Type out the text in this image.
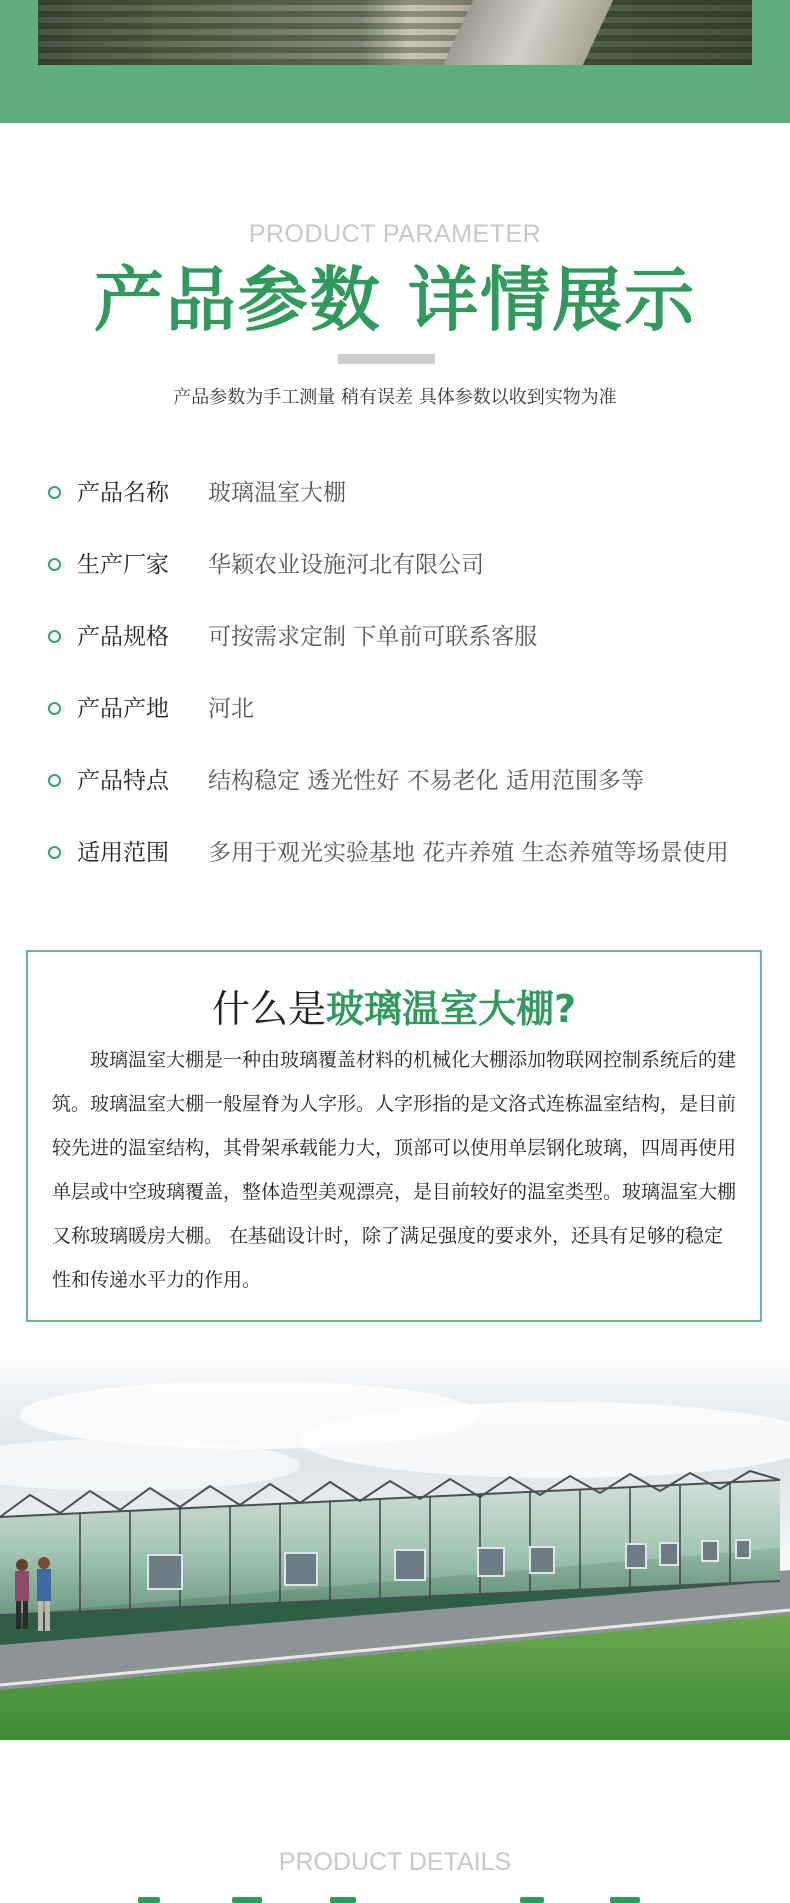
PRODUCT PARAMETER
产品参数 详情展示
产品参数为手工测量 稍有误差 具体参数以收到实物为准
产品名称 玻璃温室大棚
生产厂家 华颖农业设施河北有限公司
产品规格 可按需求定制 下单前可联系客服
产品产地 河北
产品特点 结构稳定 透光性好 不易老化 适用范围多等
适用范围 多用于观光实验基地 花卉养殖 生态养殖等场景使用
什么是玻璃温室大棚?
玻璃温室大棚是一种由玻璃覆盖材料的机械化大棚添加物联网控制系统后的建筑。玻璃温室大棚一般屋脊为人字形。人字形指的是文洛式连栋温室结构，是目前较先进的温室结构，其骨架承载能力大，顶部可以使用单层钢化玻璃，四周再使用单层或中空玻璃覆盖，整体造型美观漂亮，是目前较好的温室类型。玻璃温室大棚又称玻璃暖房大棚。 在基础设计时，除了满足强度的要求外，还具有足够的稳定性和传递水平力的作用。
PRODUCT DETAILS
